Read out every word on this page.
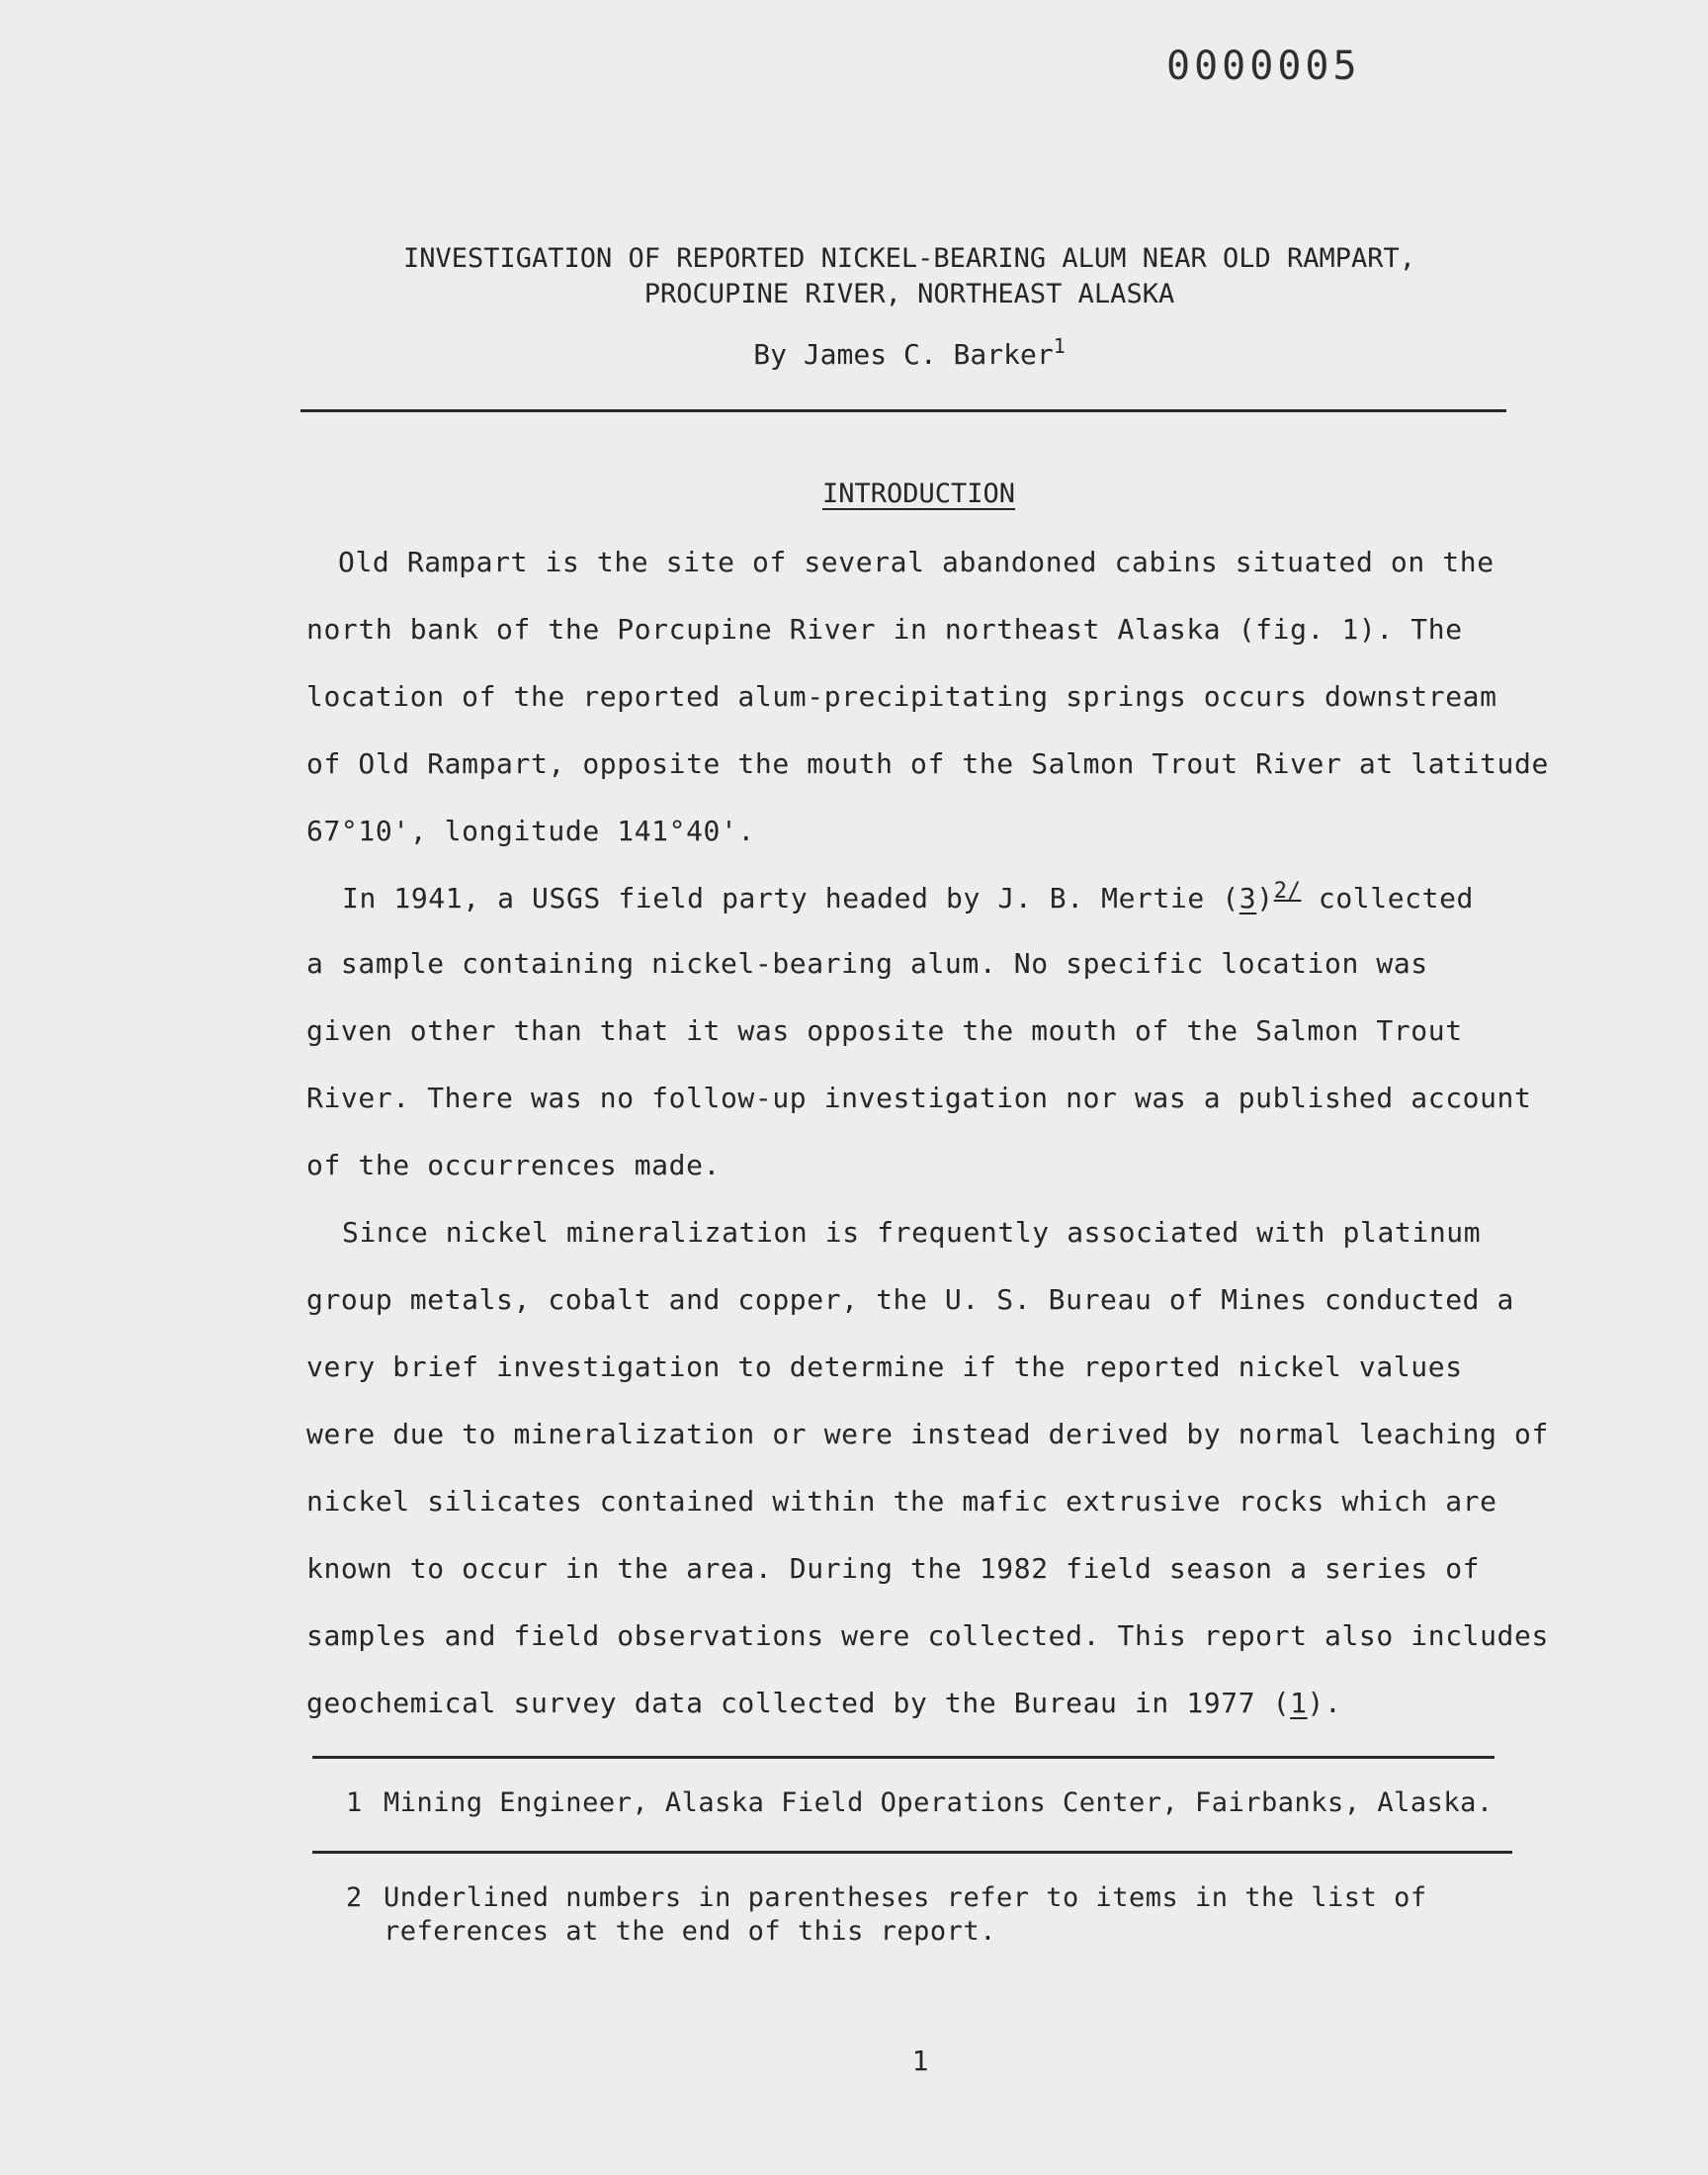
0000005
INVESTIGATION OF REPORTED NICKEL-BEARING ALUM NEAR OLD RAMPART,
PROCUPINE RIVER, NORTHEAST ALASKA
By James C. Barker$^1$
INTRODUCTION
Old Rampart is the site of several abandoned cabins situated on the
north bank of the Porcupine River in northeast Alaska (fig. 1). The
location of the reported alum-precipitating springs occurs downstream
of Old Rampart, opposite the mouth of the Salmon Trout River at latitude
67°10', longitude 141°40'.
In 1941, a USGS field party headed by J. B. Mertie $(3)^{2/}$ collected
a sample containing nickel-bearing alum. No specific location was
given other than that it was opposite the mouth of the Salmon Trout
River. There was no follow-up investigation nor was a published account
of the occurrences made.
Since nickel mineralization is frequently associated with platinum
group metals, cobalt and copper, the U. S. Bureau of Mines conducted a
very brief investigation to determine if the reported nickel values
were due to mineralization or were instead derived by normal leaching of
nickel silicates contained within the mafic extrusive rocks which are
known to occur in the area. During the 1982 field season a series of
samples and field observations were collected. This report also includes
geochemical survey data collected by the Bureau in 1977 (1).
1 Mining Engineer, Alaska Field Operations Center, Fairbanks, Alaska.
2 Underlined numbers in parentheses refer to items in the list of
references at the end of this report.
1
